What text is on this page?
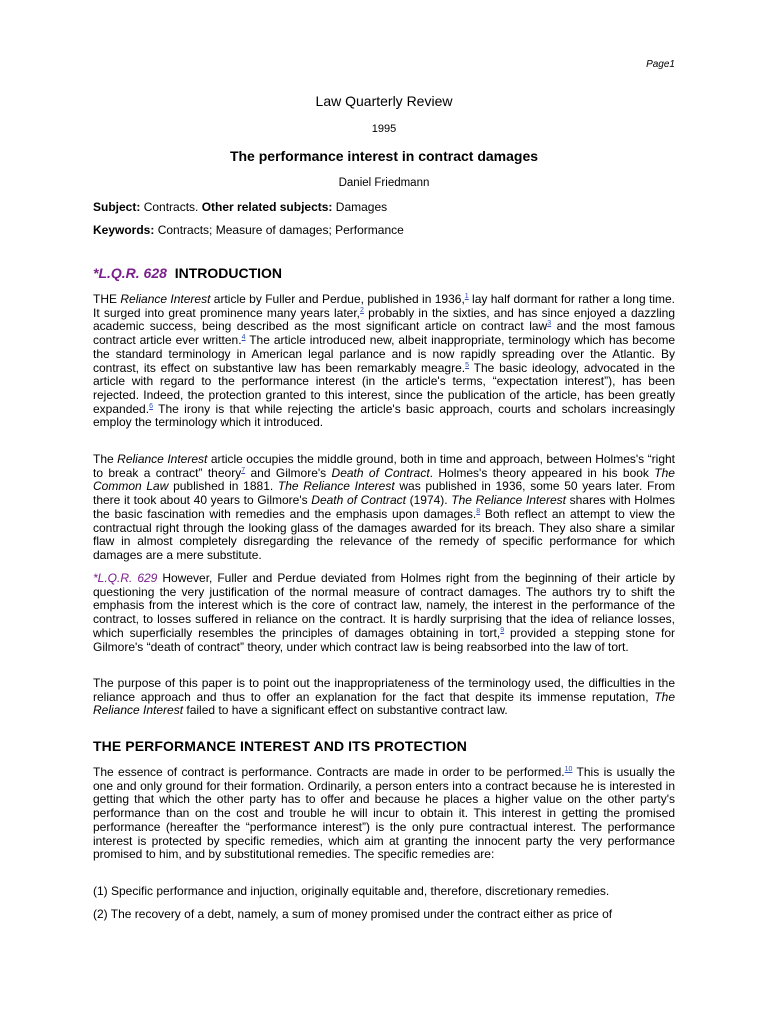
Page1
Law Quarterly Review
1995
The performance interest in contract damages
Daniel Friedmann
Subject: Contracts. Other related subjects: Damages
Keywords: Contracts; Measure of damages; Performance
*L.Q.R. 628 INTRODUCTION
THE Reliance Interest article by Fuller and Perdue, published in 1936,$^1$ lay half dormant for rather a long time. It surged into great prominence many years later,$^2$ probably in the sixties, and has since enjoyed a dazzling academic success, being described as the most significant article on contract law$^3$ and the most famous contract article ever written.$^4$ The article introduced new, albeit inappropriate, terminology which has become the standard terminology in American legal parlance and is now rapidly spreading over the Atlantic. By contrast, its effect on substantive law has been remarkably meagre.$^5$ The basic ideology, advocated in the article with regard to the performance interest (in the article's terms, “expectation interest”), has been rejected. Indeed, the protection granted to this interest, since the publication of the article, has been greatly expanded.$^6$ The irony is that while rejecting the article's basic approach, courts and scholars increasingly employ the terminology which it introduced.
The Reliance Interest article occupies the middle ground, both in time and approach, between Holmes's “right to break a contract” theory$^7$ and Gilmore's Death of Contract. Holmes's theory appeared in his book The Common Law published in 1881. The Reliance Interest was published in 1936, some 50 years later. From there it took about 40 years to Gilmore's Death of Contract (1974). The Reliance Interest shares with Holmes the basic fascination with remedies and the emphasis upon damages.$^8$ Both reflect an attempt to view the contractual right through the looking glass of the damages awarded for its breach. They also share a similar flaw in almost completely disregarding the relevance of the remedy of specific performance for which damages are a mere substitute.
*L.Q.R. 629 However, Fuller and Perdue deviated from Holmes right from the beginning of their article by questioning the very justification of the normal measure of contract damages. The authors try to shift the emphasis from the interest which is the core of contract law, namely, the interest in the performance of the contract, to losses suffered in reliance on the contract. It is hardly surprising that the idea of reliance losses, which superficially resembles the principles of damages obtaining in tort,$^9$ provided a stepping stone for Gilmore's “death of contract” theory, under which contract law is being reabsorbed into the law of tort.
The purpose of this paper is to point out the inappropriateness of the terminology used, the difficulties in the reliance approach and thus to offer an explanation for the fact that despite its immense reputation, The Reliance Interest failed to have a significant effect on substantive contract law.
THE PERFORMANCE INTEREST AND ITS PROTECTION
The essence of contract is performance. Contracts are made in order to be performed.$^{10}$ This is usually the one and only ground for their formation. Ordinarily, a person enters into a contract because he is interested in getting that which the other party has to offer and because he places a higher value on the other party's performance than on the cost and trouble he will incur to obtain it. This interest in getting the promised performance (hereafter the “performance interest”) is the only pure contractual interest. The performance interest is protected by specific remedies, which aim at granting the innocent party the very performance promised to him, and by substitutional remedies. The specific remedies are:
(1) Specific performance and injuction, originally equitable and, therefore, discretionary remedies.
(2) The recovery of a debt, namely, a sum of money promised under the contract either as price of
